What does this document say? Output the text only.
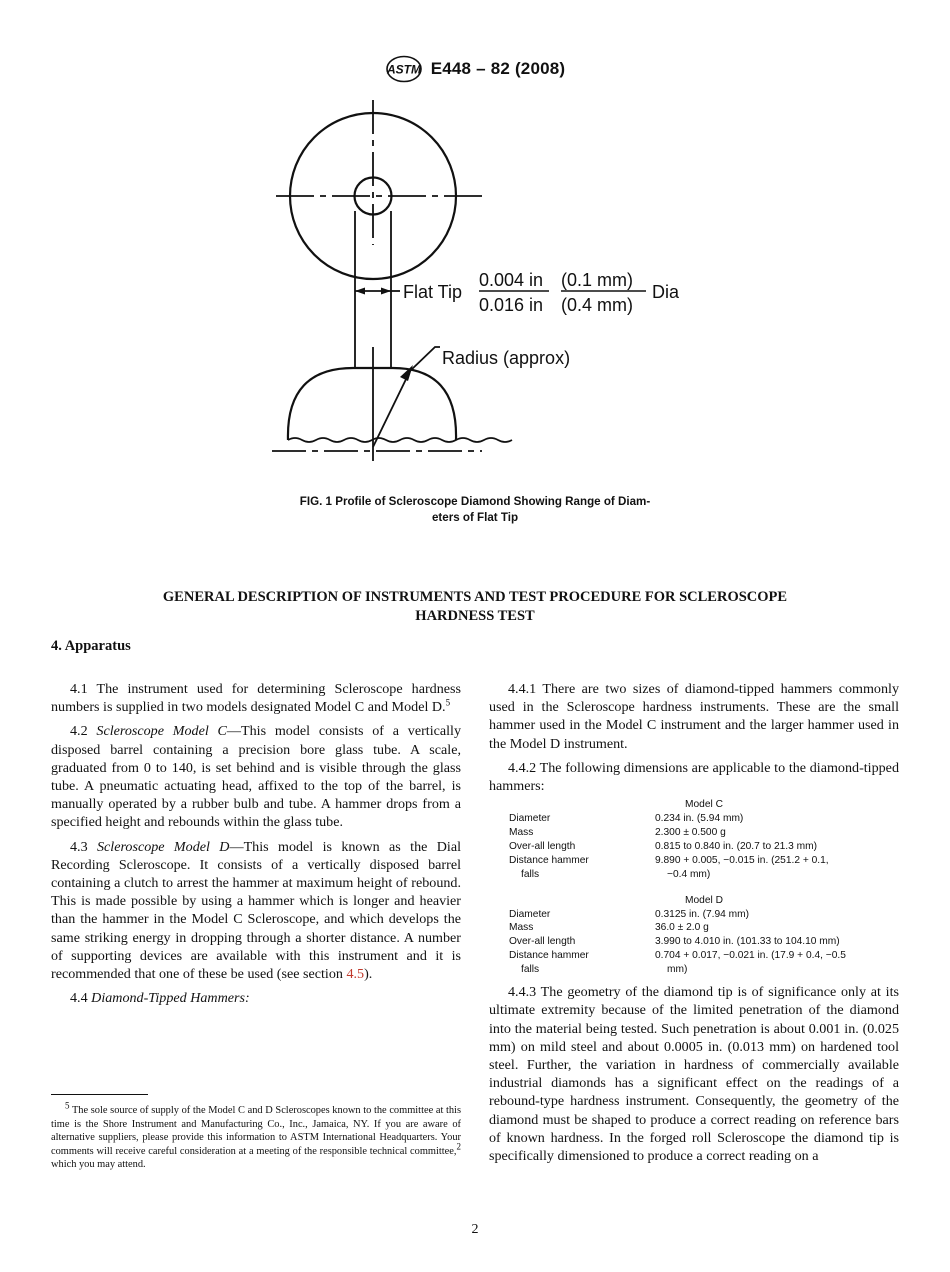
ASTM E448 – 82 (2008)
Flat Tip
0.004 in (0.1 mm)
0.016 in (0.4 mm)
Dia
Radius (approx)
FIG. 1 Profile of Scleroscope Diamond Showing Range of Diam-
eters of Flat Tip
GENERAL DESCRIPTION OF INSTRUMENTS AND TEST PROCEDURE FOR SCLEROSCOPE
HARDNESS TEST
4. Apparatus

4.1 The instrument used for determining Scleroscope hardness numbers is supplied in two models designated Model C and Model D.$^5$

4.2 Scleroscope Model C—This model consists of a vertically disposed barrel containing a precision bore glass tube. A scale, graduated from 0 to 140, is set behind and is visible through the glass tube. A pneumatic actuating head, affixed to the top of the barrel, is manually operated by a rubber bulb and tube. A hammer drops from a specified height and rebounds within the glass tube.

4.3 Scleroscope Model D—This model is known as the Dial Recording Scleroscope. It consists of a vertically disposed barrel containing a clutch to arrest the hammer at maximum height of rebound. This is made possible by using a hammer which is longer and heavier than the hammer in the Model C Scleroscope, and which develops the same striking energy in dropping through a shorter distance. A number of supporting devices are available with this instrument and it is recommended that one of these be used (see section 4.5).

4.4 Diamond-Tipped Hammers:

4.4.1 There are two sizes of diamond-tipped hammers commonly used in the Scleroscope hardness instruments. These are the small hammer used in the Model C instrument and the larger hammer used in the Model D instrument.

4.4.2 The following dimensions are applicable to the diamond-tipped hammers:

Model C
Diameter	0.234 in. (5.94 mm)
Mass	2.300 ± 0.500 g
Over-all length	0.815 to 0.840 in. (20.7 to 21.3 mm)
Distance hammer	9.890 + 0.005, −0.015 in. (251.2 + 0.1,
falls	−0.4 mm)
Model D
Diameter	0.3125 in. (7.94 mm)
Mass	36.0 ± 2.0 g
Over-all length	3.990 to 4.010 in. (101.33 to 104.10 mm)
Distance hammer	0.704 + 0.017, −0.021 in. (17.9 + 0.4, −0.5
falls	mm)

4.4.3 The geometry of the diamond tip is of significance only at its ultimate extremity because of the limited penetration of the diamond into the material being tested. Such penetration is about 0.001 in. (0.025 mm) on mild steel and about 0.0005 in. (0.013 mm) on hardened tool steel. Further, the variation in hardness of commercially available industrial diamonds has a significant effect on the readings of a rebound-type hardness instrument. Consequently, the geometry of the diamond must be shaped to produce a correct reading on reference bars of known hardness. In the forged roll Scleroscope the diamond tip is specifically dimensioned to produce a correct reading on a

$^5$ The sole source of supply of the Model C and D Scleroscopes known to the committee at this time is the Shore Instrument and Manufacturing Co., Inc., Jamaica, NY. If you are aware of alternative suppliers, please provide this information to ASTM International Headquarters. Your comments will receive careful consideration at a meeting of the responsible technical committee,$^2$ which you may attend.
2
